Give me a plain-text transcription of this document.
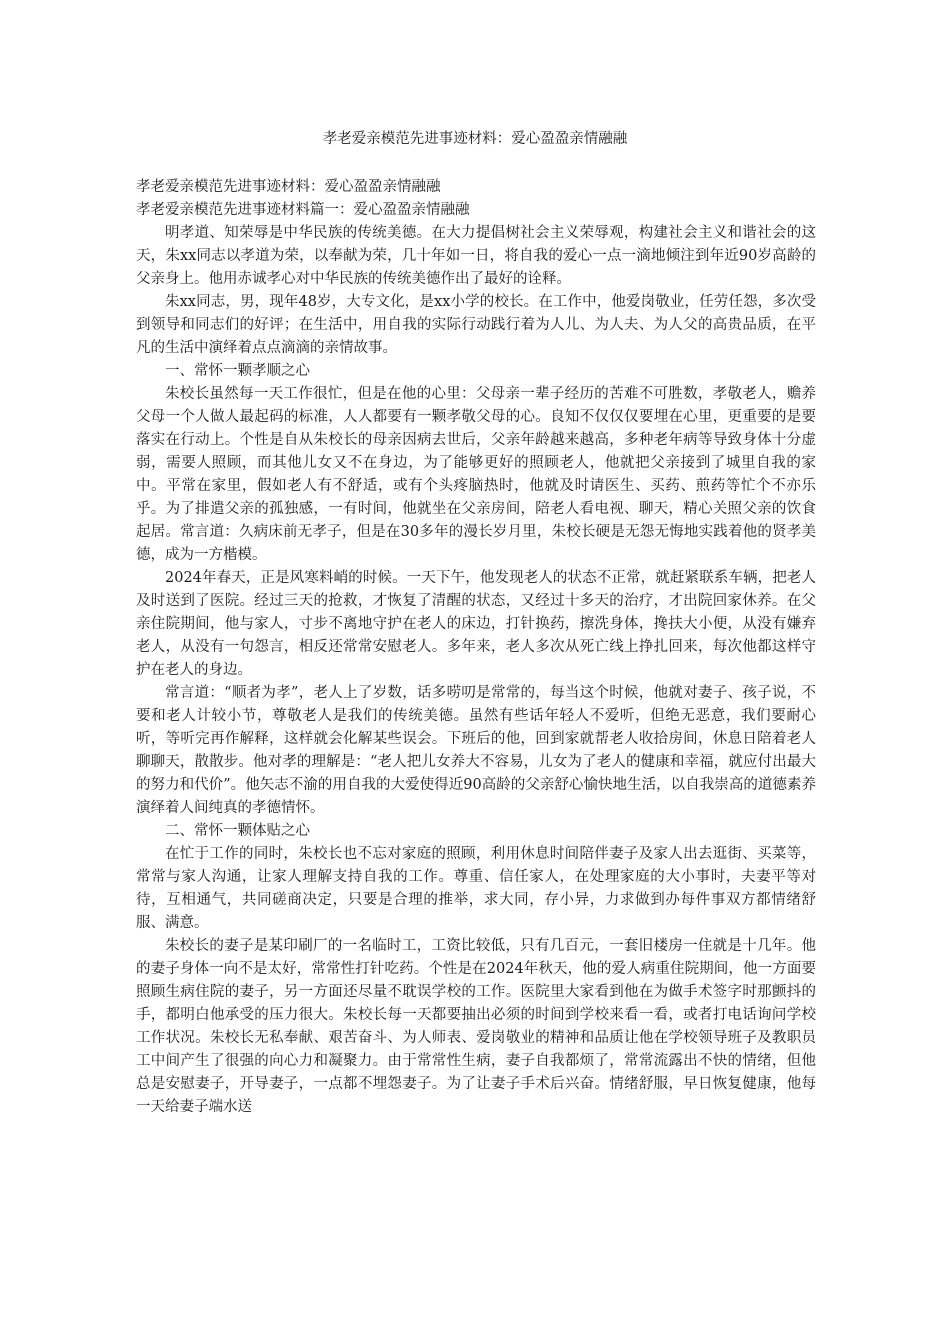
孝老爱亲模范先进事迹材料：爱心盈盈亲情融融

孝老爱亲模范先进事迹材料：爱心盈盈亲情融融

孝老爱亲模范先进事迹材料篇一：爱心盈盈亲情融融

明孝道、知荣辱是中华民族的传统美德。在大力提倡树社会主义荣辱观，构建社会主义和谐社会的这天，朱xx同志以孝道为荣，以奉献为荣，几十年如一日，将自我的爱心一点一滴地倾注到年近90岁高龄的父亲身上。他用赤诚孝心对中华民族的传统美德作出了最好的诠释。

朱xx同志，男，现年48岁，大专文化，是xx小学的校长。在工作中，他爱岗敬业，任劳任怨，多次受到领导和同志们的好评；在生活中，用自我的实际行动践行着为人儿、为人夫、为人父的高贵品质，在平凡的生活中演绎着点点滴滴的亲情故事。

一、常怀一颗孝顺之心

朱校长虽然每一天工作很忙，但是在他的心里：父母亲一辈子经历的苦难不可胜数，孝敬老人，赡养父母一个人做人最起码的标准，人人都要有一颗孝敬父母的心。良知不仅仅仅要埋在心里，更重要的是要落实在行动上。个性是自从朱校长的母亲因病去世后，父亲年龄越来越高，多种老年病等导致身体十分虚弱，需要人照顾，而其他儿女又不在身边，为了能够更好的照顾老人，他就把父亲接到了城里自我的家中。平常在家里，假如老人有不舒适，或有个头疼脑热时，他就及时请医生、买药、煎药等忙个不亦乐乎。为了排遣父亲的孤独感，一有时间，他就坐在父亲房间，陪老人看电视、聊天，精心关照父亲的饮食起居。常言道：久病床前无孝子，但是在30多年的漫长岁月里，朱校长硬是无怨无悔地实践着他的贤孝美德，成为一方楷模。

2024年春天，正是风寒料峭的时候。一天下午，他发现老人的状态不正常，就赶紧联系车辆，把老人及时送到了医院。经过三天的抢救，才恢复了清醒的状态，又经过十多天的治疗，才出院回家休养。在父亲住院期间，他与家人，寸步不离地守护在老人的床边，打针换药，擦洗身体，搀扶大小便，从没有嫌弃老人，从没有一句怨言，相反还常常安慰老人。多年来，老人多次从死亡线上挣扎回来，每次他都这样守护在老人的身边。

常言道：“顺者为孝”，老人上了岁数，话多唠叨是常常的，每当这个时候，他就对妻子、孩子说，不要和老人计较小节，尊敬老人是我们的传统美德。虽然有些话年轻人不爱听，但绝无恶意，我们要耐心听，等听完再作解释，这样就会化解某些误会。下班后的他，回到家就帮老人收拾房间，休息日陪着老人聊聊天，散散步。他对孝的理解是：“老人把儿女养大不容易，儿女为了老人的健康和幸福，就应付出最大的努力和代价”。他矢志不渝的用自我的大爱使得近90高龄的父亲舒心愉快地生活，以自我崇高的道德素养演绎着人间纯真的孝德情怀。

二、常怀一颗体贴之心

在忙于工作的同时，朱校长也不忘对家庭的照顾，利用休息时间陪伴妻子及家人出去逛街、买菜等，常常与家人沟通，让家人理解支持自我的工作。尊重、信任家人，在处理家庭的大小事时，夫妻平等对待，互相通气，共同磋商决定，只要是合理的推举，求大同，存小异，力求做到办每件事双方都情绪舒服、满意。

朱校长的妻子是某印刷厂的一名临时工，工资比较低，只有几百元，一套旧楼房一住就是十几年。他的妻子身体一向不是太好，常常性打针吃药。个性是在2024年秋天，他的爱人病重住院期间，他一方面要照顾生病住院的妻子，另一方面还尽量不耽误学校的工作。医院里大家看到他在为做手术签字时那颤抖的手，都明白他承受的压力很大。朱校长每一天都要抽出必须的时间到学校来看一看，或者打电话询问学校工作状况。朱校长无私奉献、艰苦奋斗、为人师表、爱岗敬业的精神和品质让他在学校领导班子及教职员工中间产生了很强的向心力和凝聚力。由于常常性生病，妻子自我都烦了，常常流露出不快的情绪，但他总是安慰妻子，开导妻子，一点都不埋怨妻子。为了让妻子手术后兴奋。情绪舒服，早日恢复健康，他每一天给妻子端水送
